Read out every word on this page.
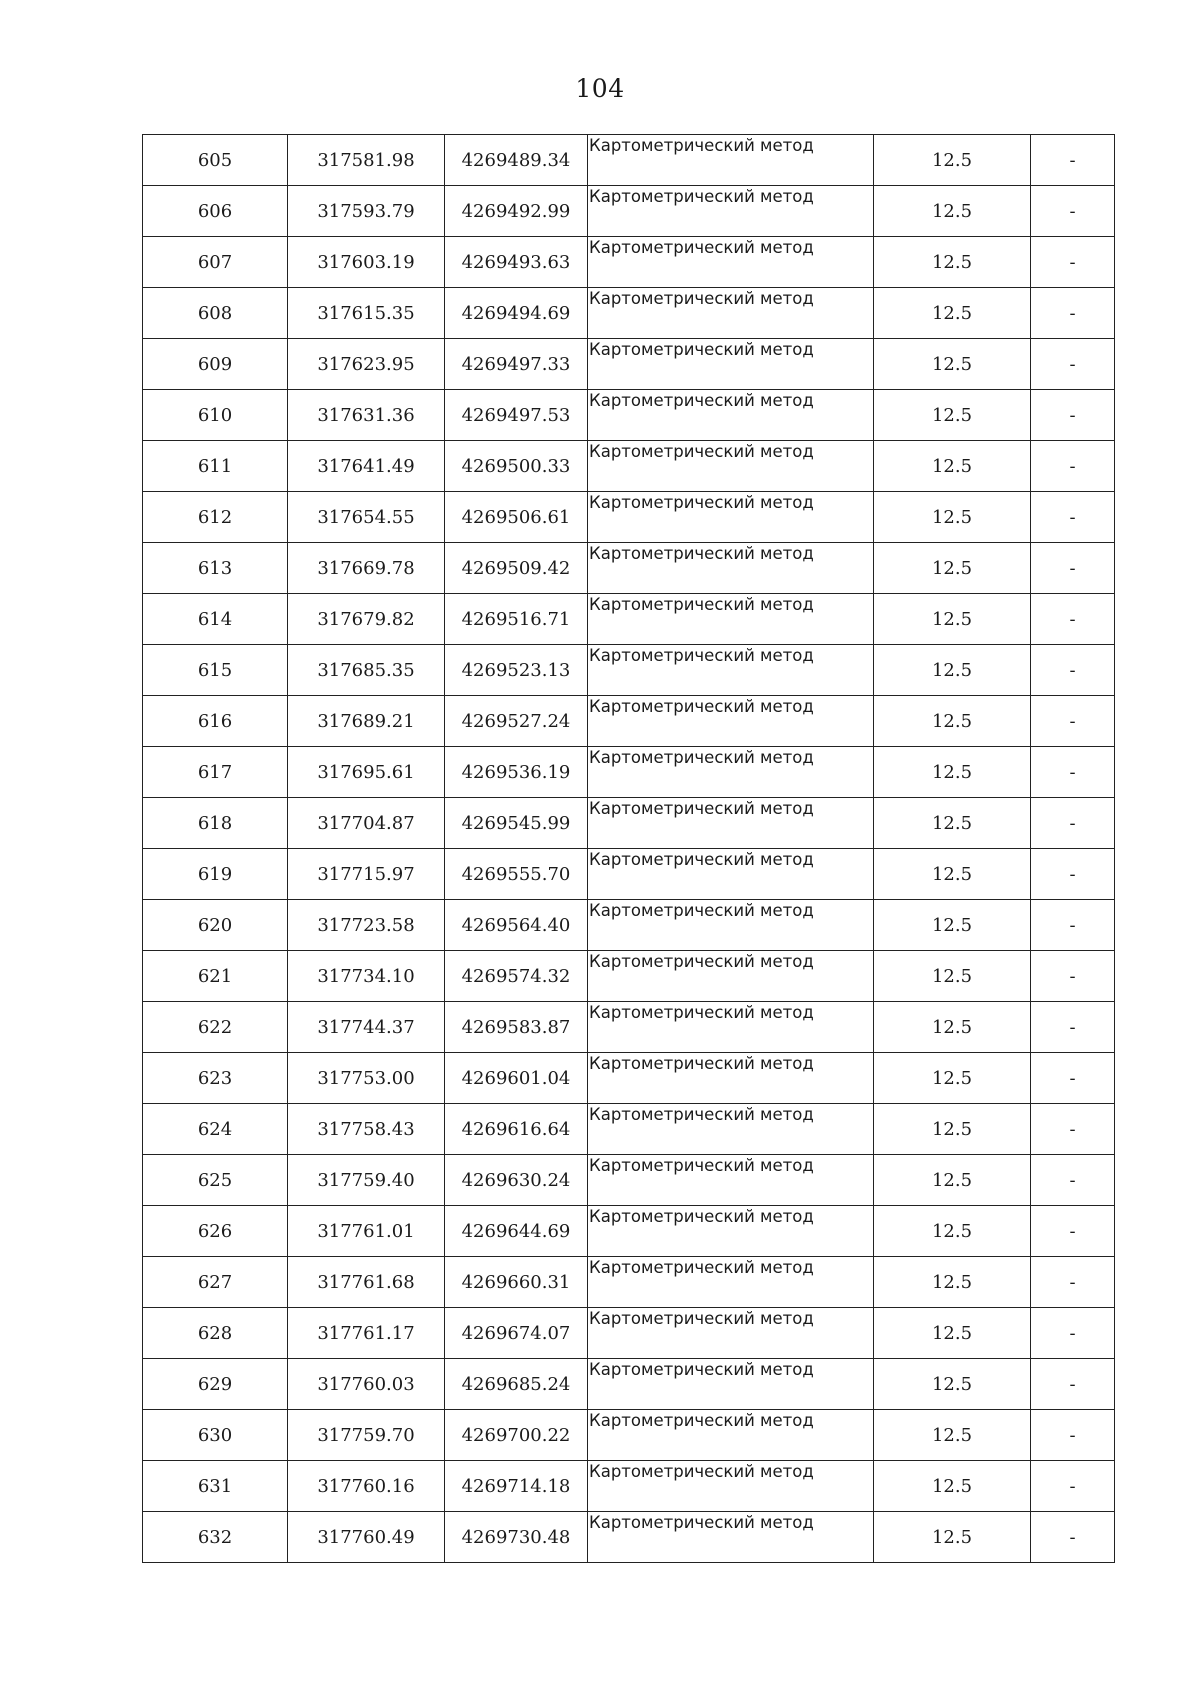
104
605	317581.98	4269489.34	Картометрический метод	12.5	-
606	317593.79	4269492.99	Картометрический метод	12.5	-
607	317603.19	4269493.63	Картометрический метод	12.5	-
608	317615.35	4269494.69	Картометрический метод	12.5	-
609	317623.95	4269497.33	Картометрический метод	12.5	-
610	317631.36	4269497.53	Картометрический метод	12.5	-
611	317641.49	4269500.33	Картометрический метод	12.5	-
612	317654.55	4269506.61	Картометрический метод	12.5	-
613	317669.78	4269509.42	Картометрический метод	12.5	-
614	317679.82	4269516.71	Картометрический метод	12.5	-
615	317685.35	4269523.13	Картометрический метод	12.5	-
616	317689.21	4269527.24	Картометрический метод	12.5	-
617	317695.61	4269536.19	Картометрический метод	12.5	-
618	317704.87	4269545.99	Картометрический метод	12.5	-
619	317715.97	4269555.70	Картометрический метод	12.5	-
620	317723.58	4269564.40	Картометрический метод	12.5	-
621	317734.10	4269574.32	Картометрический метод	12.5	-
622	317744.37	4269583.87	Картометрический метод	12.5	-
623	317753.00	4269601.04	Картометрический метод	12.5	-
624	317758.43	4269616.64	Картометрический метод	12.5	-
625	317759.40	4269630.24	Картометрический метод	12.5	-
626	317761.01	4269644.69	Картометрический метод	12.5	-
627	317761.68	4269660.31	Картометрический метод	12.5	-
628	317761.17	4269674.07	Картометрический метод	12.5	-
629	317760.03	4269685.24	Картометрический метод	12.5	-
630	317759.70	4269700.22	Картометрический метод	12.5	-
631	317760.16	4269714.18	Картометрический метод	12.5	-
632	317760.49	4269730.48	Картометрический метод	12.5	-
